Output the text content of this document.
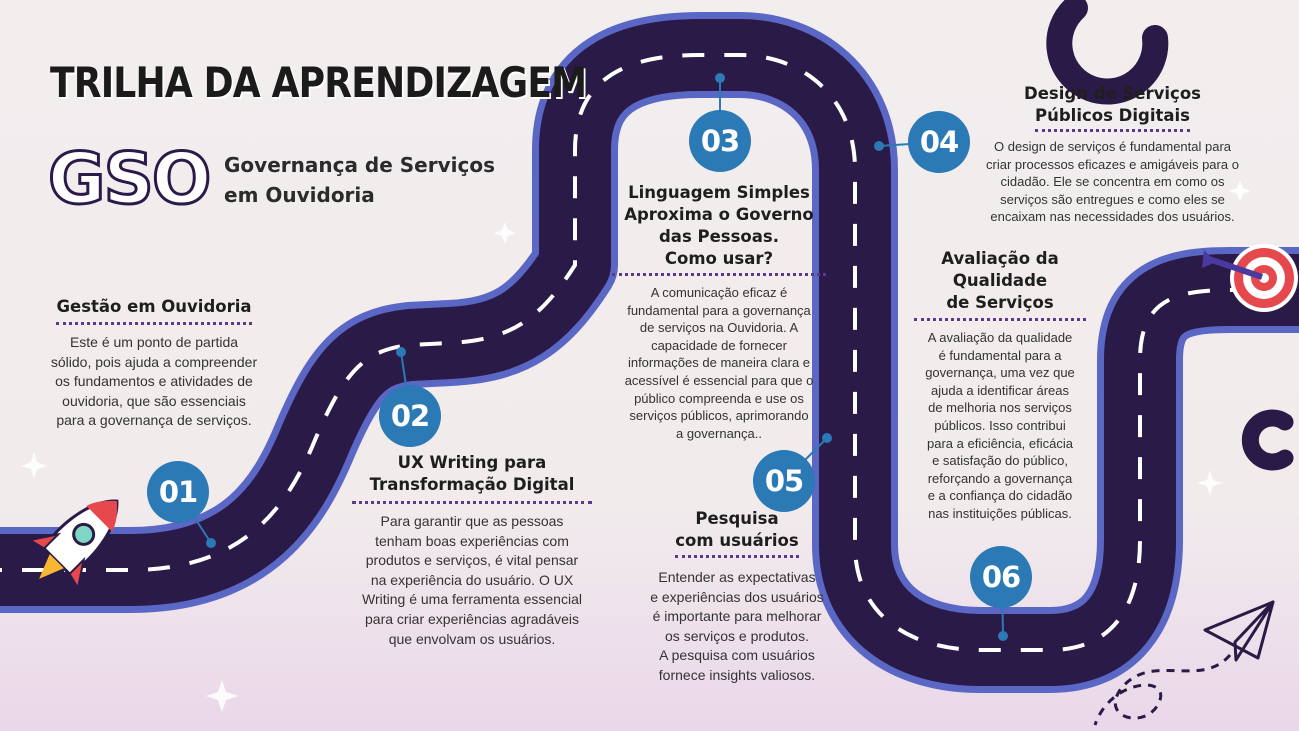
TRILHA DA APRENDIZAGEM
GSO Governança de Serviços
em Ouvidoria
01
02
03	04
05
06
Gestão em Ouvidoria
Este é um ponto de partida
sólido, pois ajuda a compreender
os fundamentos e atividades de
ouvidoria, que são essenciais
para a governança de serviços.
UX Writing para
Transformação Digital
Para garantir que as pessoas
tenham boas experiências com
produtos e serviços, é vital pensar
na experiência do usuário. O UX
Writing é uma ferramenta essencial
para criar experiências agradáveis
que envolvam os usuários.
Linguagem Simples
Aproxima o Governo
das Pessoas.
Como usar?
A comunicação eficaz é
fundamental para a governança
de serviços na Ouvidoria. A
capacidade de fornecer
informações de maneira clara e
acessível é essencial para que o
público compreenda e use os
serviços públicos, aprimorando
a governança..
Design de Serviços
Públicos Digitais
O design de serviços é fundamental para
criar processos eficazes e amigáveis para o
cidadão. Ele se concentra em como os
serviços são entregues e como eles se
encaixam nas necessidades dos usuários.
Pesquisa
com usuários
Entender as expectativas
e experiências dos usuários
é importante para melhorar
os serviços e produtos.
A pesquisa com usuários
fornece insights valiosos.
Avaliação da
Qualidade
de Serviços
A avaliação da qualidade
é fundamental para a
governança, uma vez que
ajuda a identificar áreas
de melhoria nos serviços
públicos. Isso contribui
para a eficiência, eficácia
e satisfação do público,
reforçando a governança
e a confiança do cidadão
nas instituições públicas.
